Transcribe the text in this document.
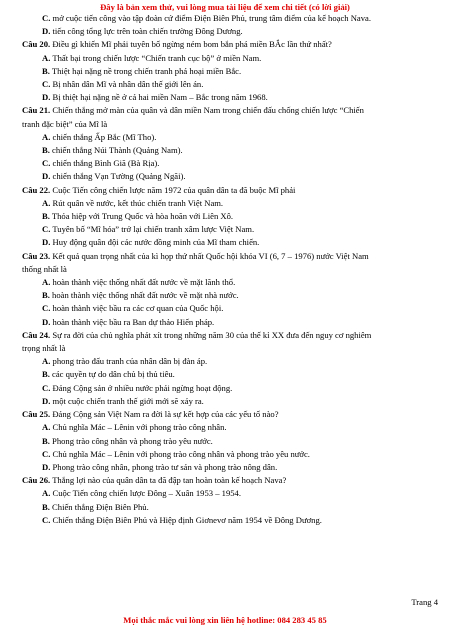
Đây là bản xem thử, vui lòng mua tài liệu để xem chi tiết (có lời giải)
C. mở cuộc tiến công vào tập đoàn cứ điểm Điện Biên Phủ, trung tâm điểm của kế hoạch Nava.
D. tiến công tổng lực trên toàn chiến trường Đông Dương.
Câu 20. Điều gì khiến Mĩ phải tuyên bố ngừng ném bom bắn phá miền BẮc lần thứ nhất?
A. Thất bại trong chiến lược “Chiến tranh cục bộ” ở miền Nam.
B. Thiệt hại nặng nề trong chiến tranh phá hoại miền Bắc.
C. Bị nhân dân Mĩ và nhân dân thế giới lên án.
D. Bị thiệt hại nặng nề ở cả hai miền Nam – Bắc trong năm 1968.
Câu 21. Chiến thắng mở màn của quân và dân miền Nam trong chiến đấu chống chiến lược “Chiến
tranh đặc biệt” của Mĩ là
A. chiến thắng Ấp Bắc (Mĩ Tho).
B. chiến thắng Núi Thành (Quảng Nam).
C. chiến thắng Bình Giã (Bà Rịa).
D. chiến thắng Vạn Tường (Quảng Ngãi).
Câu 22. Cuộc Tiến công chiến lược năm 1972 của quân dân ta đã buộc Mĩ phải
A. Rút quân về nước, kết thúc chiến tranh Việt Nam.
B. Thỏa hiệp với Trung Quốc và hòa hoãn với Liên Xô.
C. Tuyên bố “Mĩ hóa” trở lại chiến tranh xâm lược Việt Nam.
D. Huy động quân đội các nước đồng minh của Mĩ tham chiến.
Câu 23. Kết quả quan trọng nhất của kì họp thứ nhất Quốc hội khóa VI (6, 7 – 1976) nước Việt Nam
thống nhất là
A. hoàn thành việc thống nhất đất nước về mặt lãnh thổ.
B. hoàn thành việc thống nhất đất nước về mặt nhà nước.
C. hoàn thành việc bầu ra các cơ quan của Quốc hội.
D. hoàn thành việc bầu ra Ban dự thảo Hiến pháp.
Câu 24. Sự ra đời của chủ nghĩa phát xít trong những năm 30 của thế kỉ XX đưa đến nguy cơ nghiêm
trọng nhất là
A. phong trào đấu tranh của nhân dân bị đàn áp.
B. các quyền tự do dân chủ bị thủ tiêu.
C. Đảng Cộng sản ở nhiều nước phải ngừng hoạt động.
D. một cuộc chiến tranh thế giới mới sẽ xảy ra.
Câu 25. Đảng Cộng sản Việt Nam ra đời là sự kết hợp của các yếu tố nào?
A. Chủ nghĩa Mác – Lênin với phong trào công nhân.
B. Phong trào công nhân và phong trào yêu nước.
C. Chủ nghĩa Mác – Lênin với phong trào công nhân và phong trào yêu nước.
D. Phong trào công nhân, phong trào tư sản và phong trào nông dân.
Câu 26. Thắng lợi nào của quân dân ta đã đập tan hoàn toàn kế hoạch Nava?
A. Cuộc Tiến công chiến lược Đông – Xuân 1953 – 1954.
B. Chiến thắng Điện Biên Phủ.
C. Chiến thắng Điện Biên Phủ và Hiệp định Giơnevơ năm 1954 về Đông Dương.
Trang 4
Mọi thắc mắc vui lòng xin liên hệ hotline: 084 283 45 85
